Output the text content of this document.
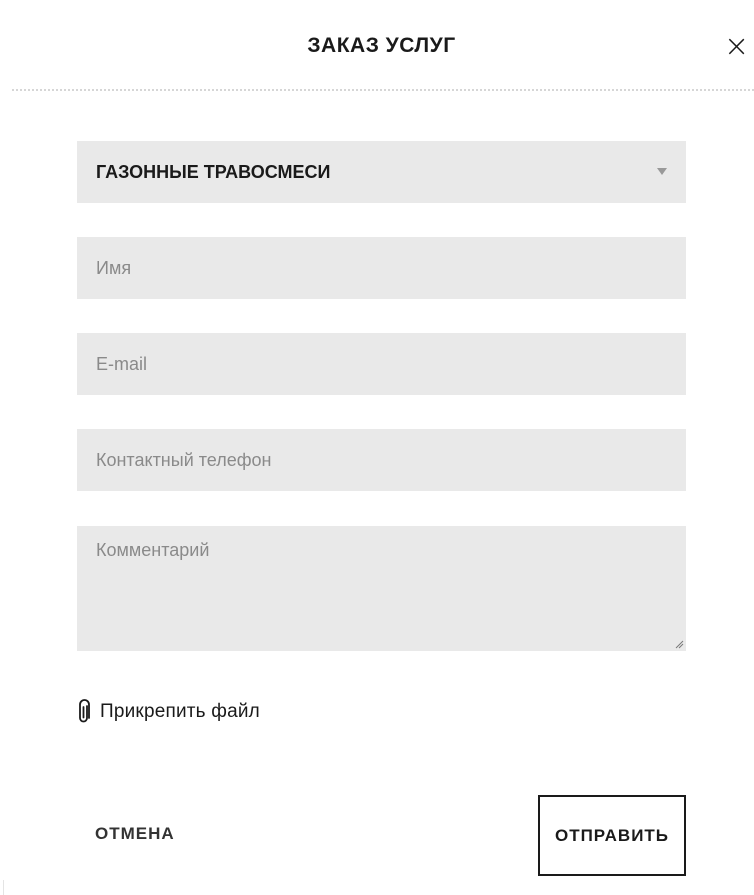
ЗАКАЗ УСЛУГ	×
ГАЗОННЫЕ ТРАВОСМЕСИ
Имя
E-mail
Контактный телефон
Комментарий
Прикрепить файл
ОТМЕНА	ОТПРАВИТЬ
